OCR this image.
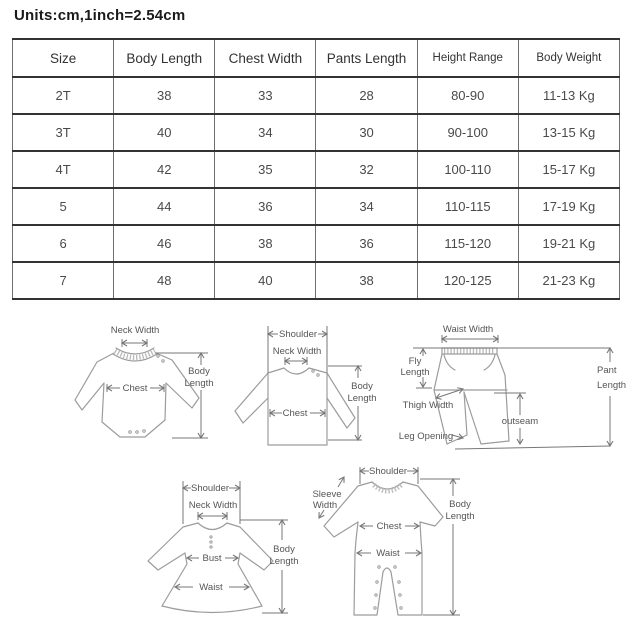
Units:cm,1inch=2.54cm
Size	Body Length	Chest Width	Pants Length	Height Range	Body Weight
2T	38	33	28	80-90	11-13 Kg
3T	40	34	30	90-100	13-15 Kg
4T	42	35	32	100-110	15-17 Kg
5	44	36	34	110-115	17-19 Kg
6	46	38	36	115-120	19-21 Kg
7	48	40	38	120-125	21-23 Kg
Neck Width
Chest
Body
Length
Shoulder
Neck Width
Chest
Body
Length
Waist Width
Fly
Length
Thigh Width
Leg Opening
outseam
Pant
Length
Shoulder
Neck Width
Bust
Waist
Body
Length
Shoulder
Sleeve
Width
Chest
Waist
Body
Length
